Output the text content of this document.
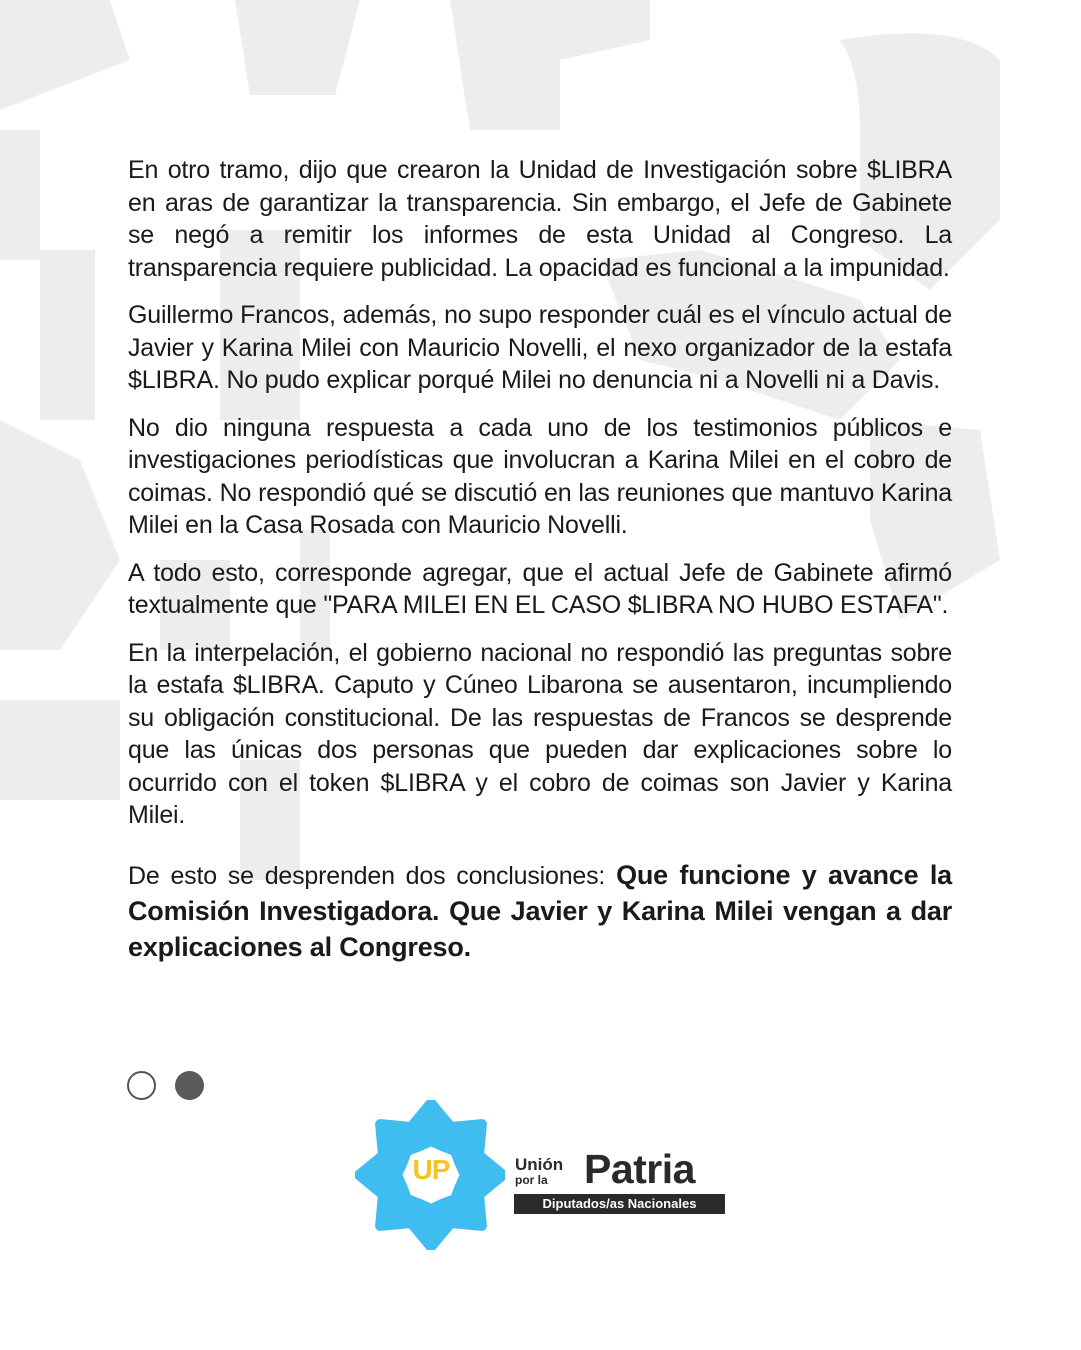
En otro tramo, dijo que crearon la Unidad de Investigación sobre $LIBRA en aras de garantizar la transparencia. Sin embargo, el Jefe de Gabinete se negó a remitir los informes de esta Unidad al Congreso. La transparencia requiere publicidad. La opacidad es funcional a la impunidad.

Guillermo Francos, además, no supo responder cuál es el vínculo actual de Javier y Karina Milei con Mauricio Novelli, el nexo organizador de la estafa $LIBRA. No pudo explicar porqué Milei no denuncia ni a Novelli ni a Davis.

No dio ninguna respuesta a cada uno de los testimonios públicos e investigaciones periodísticas que involucran a Karina Milei en el cobro de coimas. No respondió qué se discutió en las reuniones que mantuvo Karina Milei en la Casa Rosada con Mauricio Novelli.

A todo esto, corresponde agregar, que el actual Jefe de Gabinete afirmó textualmente que "PARA MILEI EN EL CASO $LIBRA NO HUBO ESTAFA".

En la interpelación, el gobierno nacional no respondió las preguntas sobre la estafa $LIBRA. Caputo y Cúneo Libarona se ausentaron, incumpliendo su obligación constitucional. De las respuestas de Francos se desprende que las únicas dos personas que pueden dar explicaciones sobre lo ocurrido con el token $LIBRA y el cobro de coimas son Javier y Karina Milei.

De esto se desprenden dos conclusiones: Que funcione y avance la Comisión Investigadora. Que Javier y Karina Milei vengan a dar explicaciones al Congreso.

UP	Unión
por la Patria
Diputados/as Nacionales
